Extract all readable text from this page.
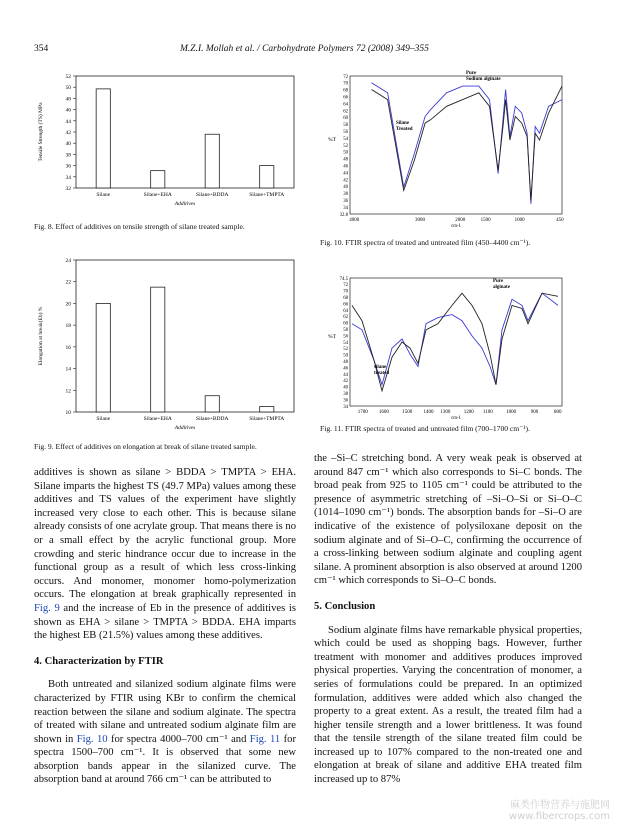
354	M.Z.I. Mollah et al. / Carbohydrate Polymers 72 (2008) 349–355
32
34
36
38
40
42
44
46
48
50
52
Silane	Silane+EHA	Silane+BDDA	Silane+TMPTA
Additives
Tensile Strength (TS) MPa
Fig. 8. Effect of additives on tensile strength of silane treated sample.
10
12
14
16
18
20
22
24
Silane	Silane+EHA	Silane+BDDA	Silane+TMPTA
Additives
Elongation at break(Eb) %
Fig. 9. Effect of additives on elongation at break of silane treated sample.
72
70
68
66
64
62
60
58
56
54
52
50
48
46
44
42
40
38
36
34
32.8
4000	3000	2000	1500	1000	450
cm-1
%T
Pure
Sodium alginate
Silane
Treated
Fig. 10. FTIR spectra of treated and untreated film (450–4400 cm⁻¹).
74.5
72
70
68
66
64
62
60
58
56
54
52
50
48
46
44
42
40
38
36
34
1700 1600	1500 1400 1300	1200 1100	1000	900	800
cm-1
%T
Pure
alginate
silane
treated
Fig. 11. FTIR spectra of treated and untreated film (700–1700 cm⁻¹).

additives is shown as silane > BDDA > TMPTA > EHA. Silane imparts the highest TS (49.7 MPa) values among these additives and TS values of the experiment have slightly increased very close to each other. This is because silane already consists of one acrylate group. That means there is no or a small effect by the acrylic functional group. More crowding and steric hindrance occur due to increase in the functional group as a result of which less cross-linking occurs. And monomer, monomer homo-polymerization occurs. The elongation at break graphically represented in Fig. 9 and the increase of Eb in the presence of additives is shown as EHA > silane > TMPTA > BDDA. EHA imparts the highest EB (21.5%) values among these additives.

4. Characterization by FTIR

Both untreated and silanized sodium alginate films were characterized by FTIR using KBr to confirm the chemical reaction between the silane and sodium alginate. The spectra of treated with silane and untreated sodium alginate film are shown in Fig. 10 for spectra 4000–700 cm⁻¹ and Fig. 11 for spectra 1500–700 cm⁻¹. It is observed that some new absorption bands appear in the silanized curve. The absorption band at around 766 cm⁻¹ can be attributed to

the –Si–C stretching bond. A very weak peak is observed at around 847 cm⁻¹ which also corresponds to Si–C bonds. The broad peak from 925 to 1105 cm⁻¹ could be attributed to the presence of asymmetric stretching of –Si–O–Si or Si–O–C (1014–1090 cm⁻¹) bonds. The absorption bands for –Si–O are indicative of the existence of polysiloxane deposit on the sodium alginate and of Si–O–C, confirming the occurrence of a cross-linking between sodium alginate and coupling agent silane. A prominent absorption is also observed at around 1200 cm⁻¹ which corresponds to Si–O–C bonds.

5. Conclusion

Sodium alginate films have remarkable physical properties, which could be used as shopping bags. However, further treatment with monomer and additives produces improved physical properties. Varying the concentration of monomer, a series of formulations could be prepared. In an optimized formulation, additives were added which also changed the property to a great extent. As a result, the treated film had a higher tensile strength and a lower brittleness. It was found that the tensile strength of the silane treated film could be increased up to 107% compared to the non-treated one and elongation at break of silane and additive EHA treated film increased up to 87%

麻类作物营养与施肥网
www.fibercrops.com
